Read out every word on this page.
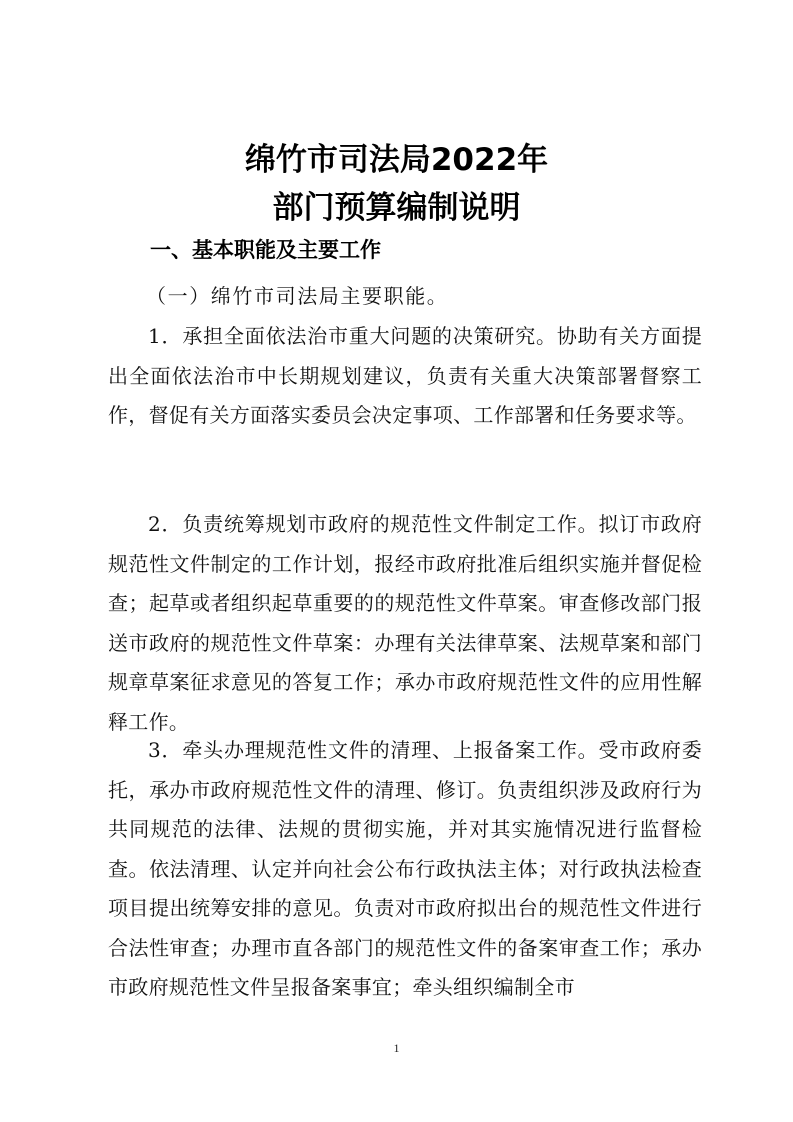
绵竹市司法局2022年
部门预算编制说明
一、基本职能及主要工作

（一）绵竹市司法局主要职能。

1．承担全面依法治市重大问题的决策研究。协助有关方面提出全面依法治市中长期规划建议，负责有关重大决策部署督察工作，督促有关方面落实委员会决定事项、工作部署和任务要求等。

2．负责统筹规划市政府的规范性文件制定工作。拟订市政府规范性文件制定的工作计划，报经市政府批准后组织实施并督促检查；起草或者组织起草重要的的规范性文件草案。审查修改部门报送市政府的规范性文件草案：办理有关法律草案、法规草案和部门规章草案征求意见的答复工作；承办市政府规范性文件的应用性解释工作。

3．牵头办理规范性文件的清理、上报备案工作。受市政府委托，承办市政府规范性文件的清理、修订。负责组织涉及政府行为共同规范的法律、法规的贯彻实施，并对其实施情况进行监督检查。依法清理、认定并向社会公布行政执法主体；对行政执法检查项目提出统筹安排的意见。负责对市政府拟出台的规范性文件进行合法性审查；办理市直各部门的规范性文件的备案审查工作；承办市政府规范性文件呈报备案事宜；牵头组织编制全市

1
